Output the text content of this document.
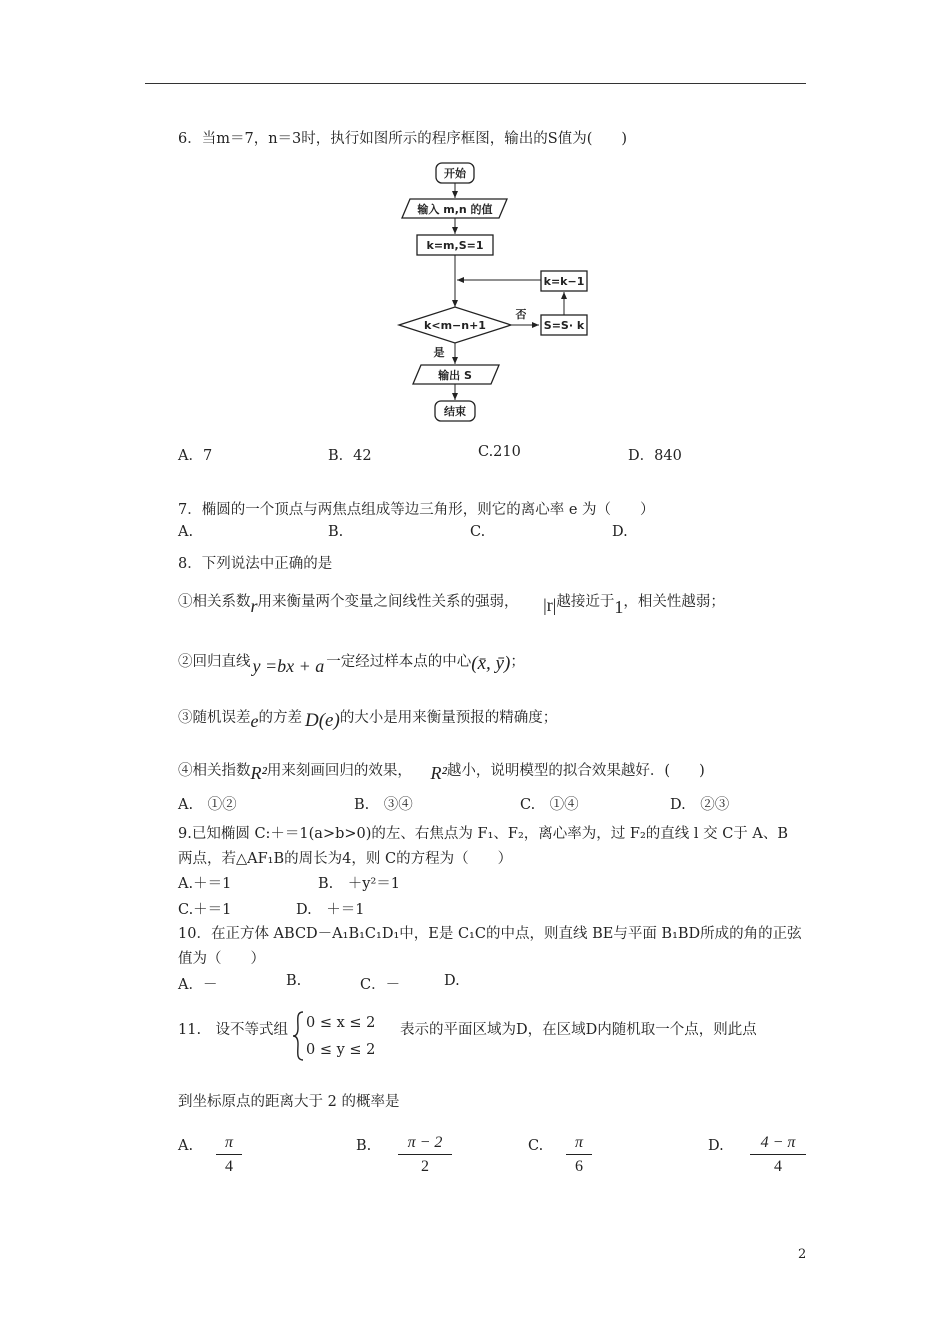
6．当m＝7，n＝3时，执行如图所示的程序框图，输出的S值为(　　)
开始
输入 m,n 的值
k=m,S=1
k=k−1
k<m−n+1
否
S=S· k
是
输出 S
结束
A．7	B．42	C.210	D．840
7．椭圆的一个顶点与两焦点组成等边三角形，则它的离心率 e 为（　　）
A.	B.	C.	D.
8．下列说法中正确的是
①相关系数r用来衡量两个变量之间线性关系的强弱， |r|越接近于1，相关性越弱；
②回归直线 y =bx + a 一定经过样本点的中心(x̄, ȳ)；
③随机误差e的方差 D(e)的大小是用来衡量预报的精确度；
④相关指数R²用来刻画回归的效果， R²越小，说明模型的拟合效果越好．(　　)
A.　①②	B.　③④	C.　①④	D.　②③
9.已知椭圆 C:＋＝1(a>b>0)的左、右焦点为 F₁、F₂，离心率为，过 F₂的直线 l 交 C于 A、B
两点，若△AF₁B的周长为4，则 C的方程为（　　）
A.＋＝1	B.　＋y²＝1
C.＋＝1	D.　＋＝1
10．在正方体 ABCD－A₁B₁C₁D₁中，E是 C₁C的中点，则直线 BE与平面 B₁BD所成的角的正弦
值为（　　）
A．－	B.	C．－	D.
11.　设不等式组 0 ≤ x ≤ 2
0 ≤ y ≤ 2
表示的平面区域为D，在区域D内随机取一个点，则此点
到坐标原点的距离大于 2 的概率是
A.	π
4
B.	π − 2
2
C.	π
6
D.	4 − π
4
2
